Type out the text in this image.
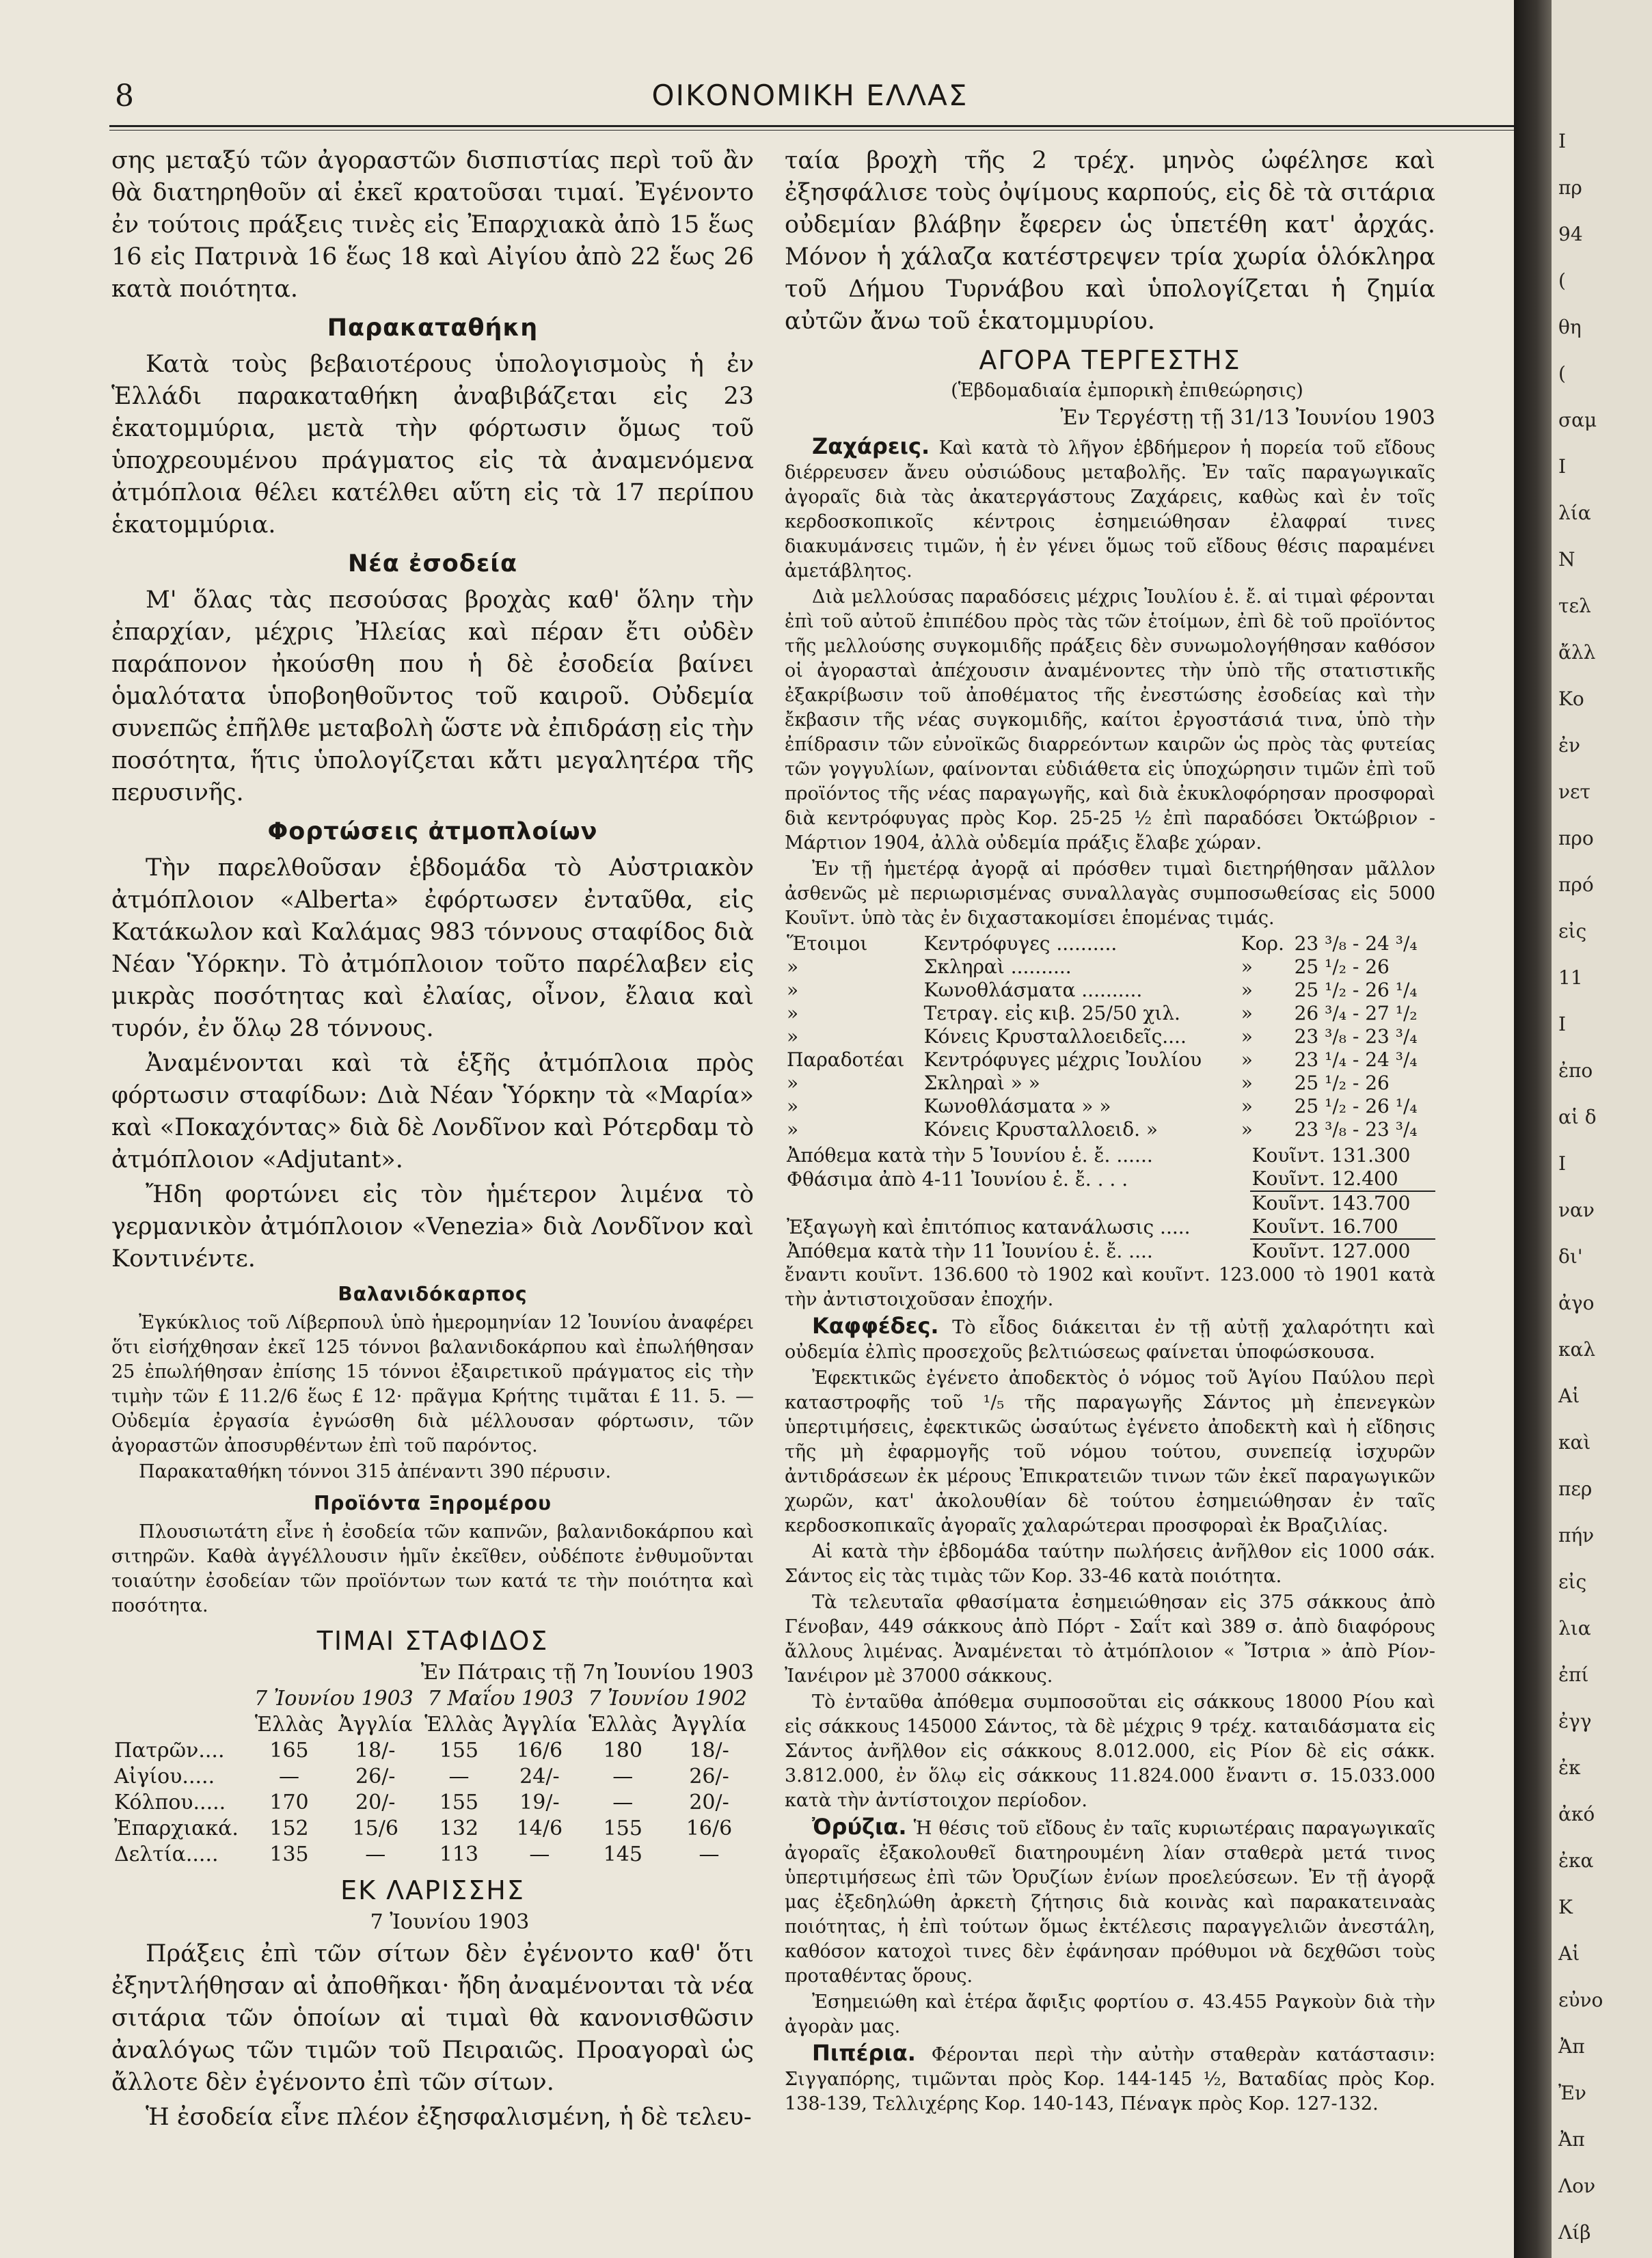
8	ΟΙΚΟΝΟΜΙΚΗ ΕΛΛΑΣ

σης μεταξύ τῶν ἀγοραστῶν δισπιστίας περὶ τοῦ ἂν θὰ διατηρηθοῦν αἱ ἐκεῖ κρατοῦσαι τιμαί. Ἐγένοντο ἐν τούτοις πράξεις τινὲς εἰς Ἐπαρχιακὰ ἀπὸ 15 ἕως 16 εἰς Πατρινὰ 16 ἕως 18 καὶ Αἰγίου ἀπὸ 22 ἕως 26 κατὰ ποιότητα.

Παρακαταθήκη

Κατὰ τοὺς βεβαιοτέρους ὑπολογισμοὺς ἡ ἐν Ἑλλάδι παρακαταθήκη ἀναβιβάζεται εἰς 23 ἑκατομμύρια, μετὰ τὴν φόρτωσιν ὅμως τοῦ ὑποχρεουμένου πράγματος εἰς τὰ ἀναμενόμενα ἀτμόπλοια θέλει κατέλθει αὕτη εἰς τὰ 17 περίπου ἑκατομμύρια.

Νέα ἐσοδεία

Μ' ὅλας τὰς πεσούσας βροχὰς καθ' ὅλην τὴν ἐπαρχίαν, μέχρις Ἠλείας καὶ πέραν ἔτι οὐδὲν παράπονον ἠκούσθη που ἡ δὲ ἐσοδεία βαίνει ὁμαλότατα ὑποβοηθοῦντος τοῦ καιροῦ. Οὐδεμία συνεπῶς ἐπῆλθε μεταβολὴ ὥστε νὰ ἐπιδράσῃ εἰς τὴν ποσότητα, ἥτις ὑπολογίζεται κἄτι μεγαλητέρα τῆς περυσινῆς.

Φορτώσεις ἀτμοπλοίων

Τὴν παρελθοῦσαν ἑβδομάδα τὸ Αὐστριακὸν ἀτμόπλοιον «Alberta» ἐφόρτωσεν ἐνταῦθα, εἰς Κατάκωλον καὶ Καλάμας 983 τόννους σταφίδος διὰ Νέαν Ὑόρκην. Τὸ ἀτμόπλοιον τοῦτο παρέλαβεν εἰς μικρὰς ποσότητας καὶ ἐλαίας, οἶνον, ἔλαια καὶ τυρόν, ἐν ὅλῳ 28 τόννους.

Ἀναμένονται καὶ τὰ ἑξῆς ἀτμόπλοια πρὸς φόρτωσιν σταφίδων: Διὰ Νέαν Ὑόρκην τὰ «Μαρία» καὶ «Ποκαχόντας» διὰ δὲ Λονδῖνον καὶ Ρότερδαμ τὸ ἀτμόπλοιον «Adjutant».

Ἤδη φορτώνει εἰς τὸν ἡμέτερον λιμένα τὸ γερμανικὸν ἀτμόπλοιον «Venezia» διὰ Λονδῖνον καὶ Κοντινέντε.

Βαλανιδόκαρπος

Ἐγκύκλιος τοῦ Λίβερπουλ ὑπὸ ἡμερομηνίαν 12 Ἰουνίου ἀναφέρει ὅτι εἰσήχθησαν ἐκεῖ 125 τόννοι βαλανιδοκάρπου καὶ ἐπωλήθησαν 25 ἐπωλήθησαν ἐπίσης 15 τόννοι ἐξαιρετικοῦ πράγματος εἰς τὴν τιμὴν τῶν £ 11.2/6 ἕως £ 12· πρᾶγμα Κρήτης τιμᾶται £ 11. 5. — Οὐδεμία ἐργασία ἐγνώσθη διὰ μέλλουσαν φόρτωσιν, τῶν ἀγοραστῶν ἀποσυρθέντων ἐπὶ τοῦ παρόντος.

Παρακαταθήκη τόννοι 315 ἀπέναντι 390 πέρυσιν.

Προϊόντα Ξηρομέρου

Πλουσιωτάτη εἶνε ἡ ἐσοδεία τῶν καπνῶν, βαλανιδοκάρπου καὶ σιτηρῶν. Καθὰ ἀγγέλλουσιν ἡμῖν ἐκεῖθεν, οὐδέποτε ἐνθυμοῦνται τοιαύτην ἐσοδείαν τῶν προϊόντων των κατά τε τὴν ποιότητα καὶ ποσότητα.

ΤΙΜΑΙ ΣΤΑΦΙΔΟΣ

Ἐν Πάτραις τῇ 7η Ἰουνίου 1903

	7 Ἰουνίου 1903		7 Μαΐου 1903		7 Ἰουνίου 1902	
	Ἑλλὰς	Ἀγγλία	Ἑλλὰς	Ἀγγλία	Ἑλλὰς	Ἀγγλία
Πατρῶν....	165	18/-	155	16/6	180	18/-
Αἰγίου.....	—	26/-	—	24/-	—	26/-
Κόλπου.....	170	20/-	155	19/-	—	20/-
Ἐπαρχιακά.	152	15/6	132	14/6	155	16/6
Δελτία.....	135	—	113	—	145	—
ΕΚ ΛΑΡΙΣΣΗΣ

7 Ἰουνίου 1903

Πράξεις ἐπὶ τῶν σίτων δὲν ἐγένοντο καθ' ὅτι ἐξηντλήθησαν αἱ ἀποθῆκαι· ἤδη ἀναμένονται τὰ νέα σιτάρια τῶν ὁποίων αἱ τιμαὶ θὰ κανονισθῶσιν ἀναλόγως τῶν τιμῶν τοῦ Πειραιῶς. Προαγοραὶ ὡς ἄλλοτε δὲν ἐγένοντο ἐπὶ τῶν σίτων.

Ἡ ἐσοδεία εἶνε πλέον ἐξησφαλισμένη, ἡ δὲ τελευ-

ταία βροχὴ τῆς 2 τρέχ. μηνὸς ὠφέλησε καὶ ἐξησφάλισε τοὺς ὀψίμους καρπούς, εἰς δὲ τὰ σιτάρια οὐδεμίαν βλάβην ἔφερεν ὡς ὑπετέθη κατ' ἀρχάς. Μόνον ἡ χάλαζα κατέστρεψεν τρία χωρία ὁλόκληρα τοῦ Δήμου Τυρνάβου καὶ ὑπολογίζεται ἡ ζημία αὐτῶν ἄνω τοῦ ἑκατομμυρίου.

ΑΓΟΡΑ ΤΕΡΓΕΣΤΗΣ

(Ἑβδομαδιαία ἐμπορικὴ ἐπιθεώρησις)

Ἐν Τεργέστῃ τῇ 31/13 Ἰουνίου 1903

Ζαχάρεις. Καὶ κατὰ τὸ λῆγον ἑβδήμερον ἡ πορεία τοῦ εἴδους διέρρευσεν ἄνευ οὐσιώδους μεταβολῆς. Ἐν ταῖς παραγωγικαῖς ἀγοραῖς διὰ τὰς ἀκατεργάστους Ζαχάρεις, καθὼς καὶ ἐν τοῖς κερδοσκοπικοῖς κέντροις ἐσημειώθησαν ἐλαφραί τινες διακυμάνσεις τιμῶν, ἡ ἐν γένει ὅμως τοῦ εἴδους θέσις παραμένει ἀμετάβλητος.

Διὰ μελλούσας παραδόσεις μέχρις Ἰουλίου ἑ. ἔ. αἱ τιμαὶ φέρονται ἐπὶ τοῦ αὐτοῦ ἐπιπέδου πρὸς τὰς τῶν ἑτοίμων, ἐπὶ δὲ τοῦ προϊόντος τῆς μελλούσης συγκομιδῆς πράξεις δὲν συνωμολογήθησαν καθόσον οἱ ἀγορασταὶ ἀπέχουσιν ἀναμένοντες τὴν ὑπὸ τῆς στατιστικῆς ἐξακρίβωσιν τοῦ ἀποθέματος τῆς ἐνεστώσης ἐσοδείας καὶ τὴν ἔκβασιν τῆς νέας συγκομιδῆς, καίτοι ἐργοστάσιά τινα, ὑπὸ τὴν ἐπίδρασιν τῶν εὐνοϊκῶς διαρρεόντων καιρῶν ὡς πρὸς τὰς φυτείας τῶν γογγυλίων, φαίνονται εὐδιάθετα εἰς ὑποχώρησιν τιμῶν ἐπὶ τοῦ προϊόντος τῆς νέας παραγωγῆς, καὶ διὰ ἐκυκλοφόρησαν προσφοραὶ διὰ κεντρόφυγας πρὸς Κορ. 25-25 ½ ἐπὶ παραδόσει Ὀκτώβριον - Μάρτιον 1904, ἀλλὰ οὐδεμία πράξις ἔλαβε χώραν.

Ἐν τῇ ἡμετέρᾳ ἀγορᾷ αἱ πρόσθεν τιμαὶ διετηρήθησαν μᾶλλον ἀσθενῶς μὲ περιωρισμένας συναλλαγὰς συμποσωθείσας εἰς 5000 Κουῖντ. ὑπὸ τὰς ἐν διχαστακομίσει ἑπομένας τιμάς.

Ἕτοιμοι	Κεντρόφυγες ..........	Κορ.	23 ³/₈ - 24 ³/₄
»	Σκληραὶ ..........	»	25 ¹/₂ - 26
»	Κωνοθλάσματα ..........	»	25 ¹/₂ - 26 ¹/₄
»	Τετραγ. εἰς κιβ. 25/50 χιλ.	»	26 ³/₄ - 27 ¹/₂
»	Κόνεις Κρυσταλλοειδεῖς....	»	23 ³/₈ - 23 ³/₄
Παραδοτέαι	Κεντρόφυγες μέχρις Ἰουλίου	»	23 ¹/₄ - 24 ³/₄
»	Σκληραὶ » »	»	25 ¹/₂ - 26
»	Κωνοθλάσματα » »	»	25 ¹/₂ - 26 ¹/₄
»	Κόνεις Κρυσταλλοειδ. »	»	23 ³/₈ - 23 ³/₄
Ἀπόθεμα κατὰ τὴν 5 Ἰουνίου ἑ. ἔ. ......	Κουῖντ. 131.300
Φθάσιμα ἀπὸ 4-11 Ἰουνίου ἑ. ἔ. . . .	Κουῖντ. 12.400
	Κουῖντ. 143.700
Ἐξαγωγὴ καὶ ἐπιτόπιος κατανάλωσις .....	Κουῖντ. 16.700
Ἀπόθεμα κατὰ τὴν 11 Ἰουνίου ἑ. ἔ. ....	Κουῖντ. 127.000

ἔναντι κουῖντ. 136.600 τὸ 1902 καὶ κουῖντ. 123.000 τὸ 1901 κατὰ τὴν ἀντιστοιχοῦσαν ἐποχήν.

Καφφέδες. Τὸ εἶδος διάκειται ἐν τῇ αὐτῇ χαλαρότητι καὶ οὐδεμία ἐλπὶς προσεχοῦς βελτιώσεως φαίνεται ὑποφώσκουσα.

Ἐφεκτικῶς ἐγένετο ἀποδεκτὸς ὁ νόμος τοῦ Ἁγίου Παύλου περὶ καταστροφῆς τοῦ ¹/₅ τῆς παραγωγῆς Σάντος μὴ ἐπενεγκὼν ὑπερτιμήσεις, ἐφεκτικῶς ὡσαύτως ἐγένετο ἀποδεκτὴ καὶ ἡ εἴδησις τῆς μὴ ἐφαρμογῆς τοῦ νόμου τούτου, συνεπείᾳ ἰσχυρῶν ἀντιδράσεων ἐκ μέρους Ἐπικρατειῶν τινων τῶν ἐκεῖ παραγωγικῶν χωρῶν, κατ' ἀκολουθίαν δὲ τούτου ἐσημειώθησαν ἐν ταῖς κερδοσκοπικαῖς ἀγοραῖς χαλαρώτεραι προσφοραὶ ἐκ Βραζιλίας.

Αἱ κατὰ τὴν ἑβδομάδα ταύτην πωλήσεις ἀνῆλθον εἰς 1000 σάκ. Σάντος εἰς τὰς τιμὰς τῶν Κορ. 33-46 κατὰ ποιότητα.

Τὰ τελευταῖα φθασίματα ἐσημειώθησαν εἰς 375 σάκκους ἀπὸ Γένοβαν, 449 σάκκους ἀπὸ Πόρτ - Σαΐτ καὶ 389 σ. ἀπὸ διαφόρους ἄλλους λιμένας. Ἀναμένεται τὸ ἀτμόπλοιον « Ἴστρια » ἀπὸ Ρίον-Ἰανέιρον μὲ 37000 σάκκους.

Τὸ ἐνταῦθα ἀπόθεμα συμποσοῦται εἰς σάκκους 18000 Ρίου καὶ εἰς σάκκους 145000 Σάντος, τὰ δὲ μέχρις 9 τρέχ. καταιδάσματα εἰς Σάντος ἀνῆλθον εἰς σάκκους 8.012.000, εἰς Ρίον δὲ εἰς σάκκ. 3.812.000, ἐν ὅλῳ εἰς σάκκους 11.824.000 ἔναντι σ. 15.033.000 κατὰ τὴν ἀντίστοιχον περίοδον.

Ὀρύζια. Ἡ θέσις τοῦ εἴδους ἐν ταῖς κυριωτέραις παραγωγικαῖς ἀγοραῖς ἐξακολουθεῖ διατηρουμένη λίαν σταθερὰ μετά τινος ὑπερτιμήσεως ἐπὶ τῶν Ὀρυζίων ἐνίων προελεύσεων. Ἐν τῇ ἀγορᾷ μας ἐξεδηλώθη ἀρκετὴ ζήτησις διὰ κοινὰς καὶ παρακατειναὰς ποιότητας, ἡ ἐπὶ τούτων ὅμως ἐκτέλεσις παραγγελιῶν ἀνεστάλη, καθόσον κατοχοὶ τινες δὲν ἐφάνησαν πρόθυμοι νὰ δεχθῶσι τοὺς προταθέντας ὅρους.

Ἐσημειώθη καὶ ἑτέρα ἄφιξις φορτίου σ. 43.455 Ραγκοὺν διὰ τὴν ἀγορὰν μας.

Πιπέρια. Φέρονται περὶ τὴν αὐτὴν σταθερὰν κατάστασιν: Σιγγαπόρης, τιμῶνται πρὸς Κορ. 144-145 ½, Βαταδίας πρὸς Κορ. 138-139, Τελλιχέρης Κορ. 140-143, Πέναγκ πρὸς Κορ. 127-132.

I
πρ
94
(
θη
(
σαμ
Ι
λία
Ν
τελ
ἄλλ
Κο
ἐν
νετ
προ
πρό
εἰς
11
I
ἐπο
αἱ δ
I
ναν
δι'
ἀγο
καλ
Αἱ
καὶ
περ
πήν
εἰς
λια
ἐπί
ἐγγ
ἐκ
ἀκό
ἐκα
Κ
Αἱ
εὐνο
Ἀπ
Ἐν
Ἀπ
Λον
Λίβ
